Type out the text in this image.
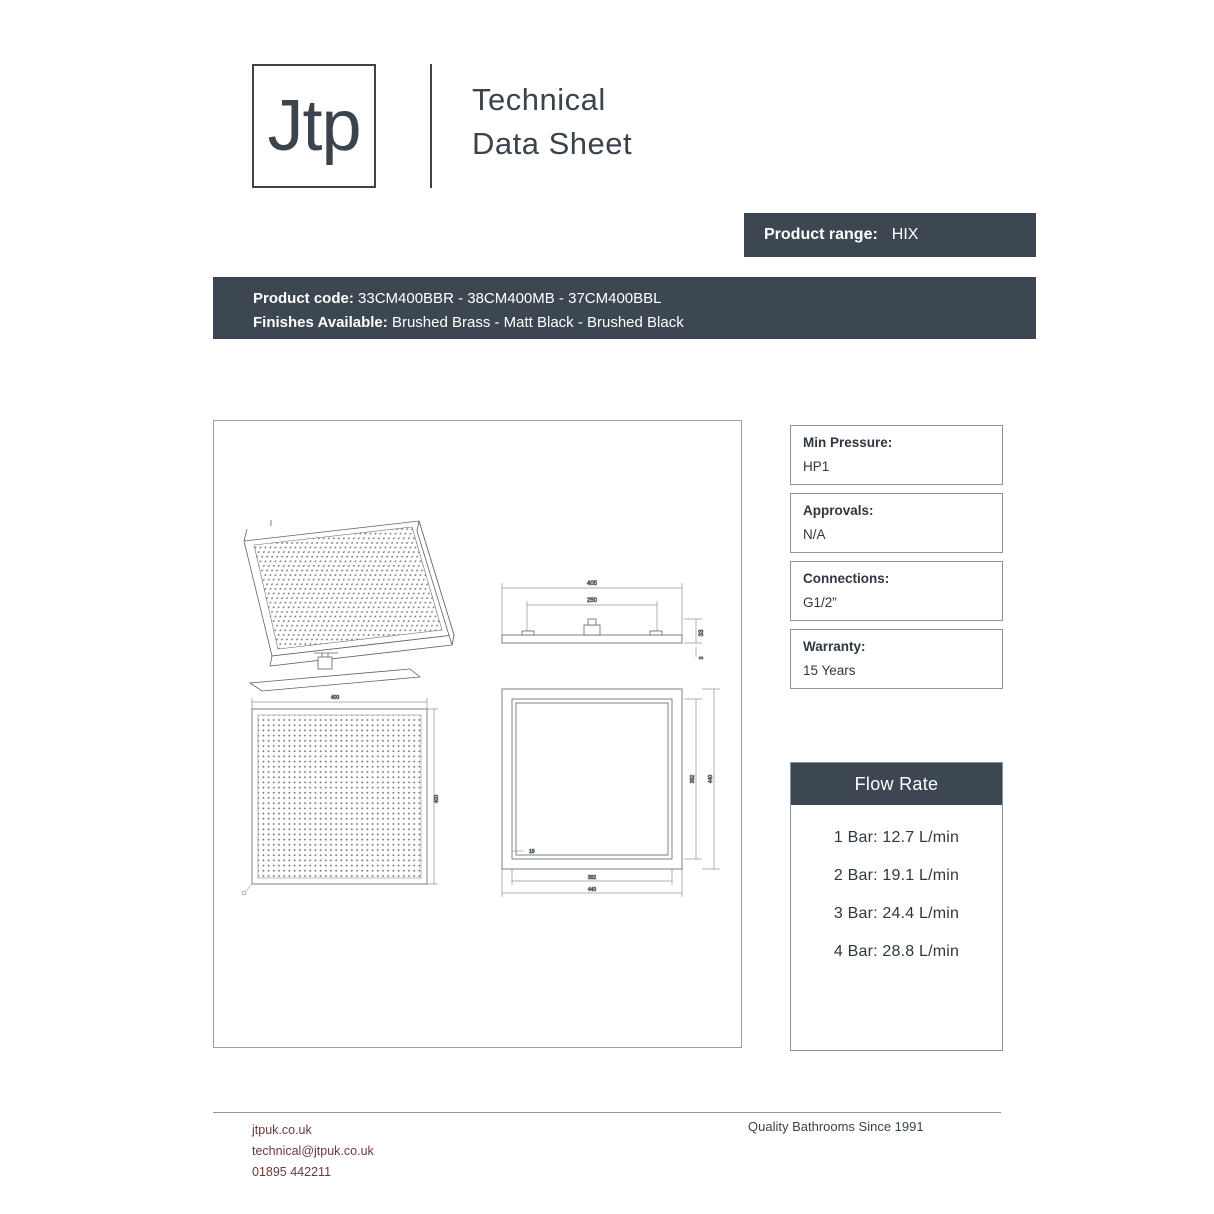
Jtp	Technical
Data Sheet
Product range: HIX
Product code: 33CM400BBR - 38CM400MB - 37CM400BBL
Finishes Available: Brushed Brass - Matt Black - Brushed Black
400
400
405
250
33
3
19
382
440
382 440
Min Pressure:
HP1
Approvals:
N/A
Connections:
G1/2”
Warranty:
15 Years
Flow Rate
1 Bar: 12.7 L/min
2 Bar: 19.1 L/min
3 Bar: 24.4 L/min
4 Bar: 28.8 L/min
jtpuk.co.uk
technical@jtpuk.co.uk
01895 442211
Quality Bathrooms Since 1991
